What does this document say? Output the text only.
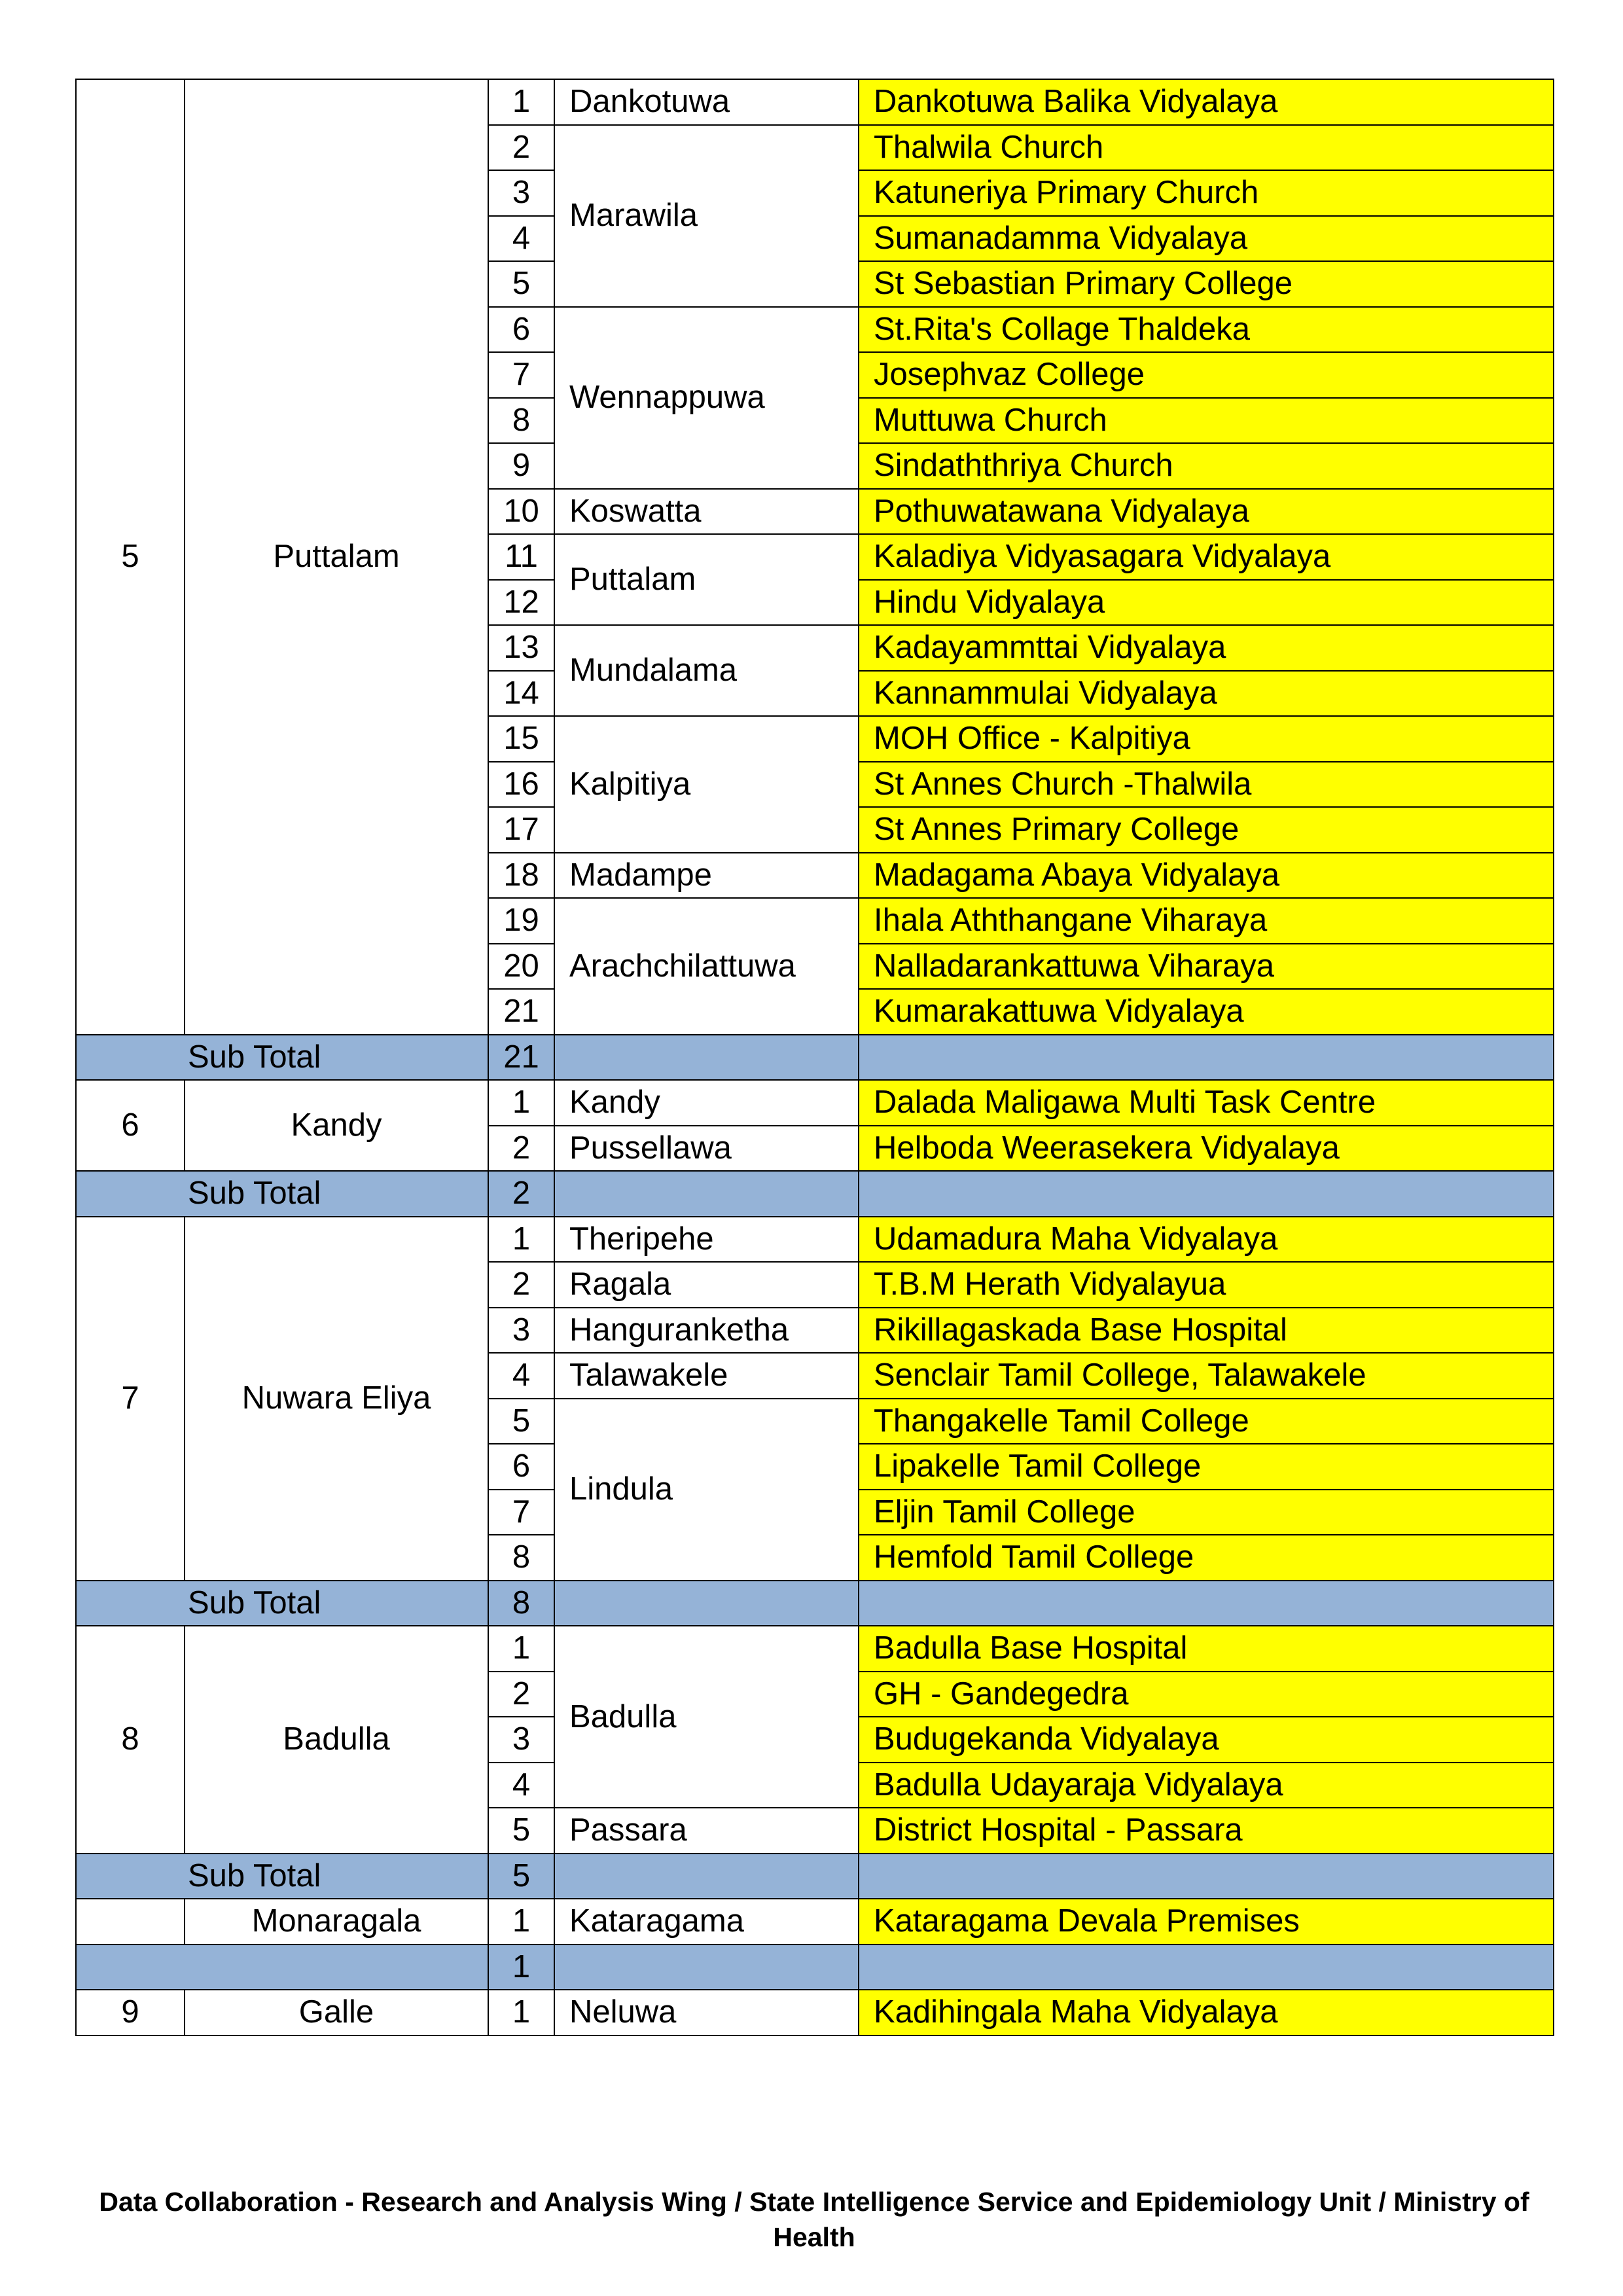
5	Puttalam	1	Dankotuwa	Dankotuwa Balika Vidyalaya
		2	Marawila	Thalwila Church
		3		Katuneriya Primary Church
		4		Sumanadamma Vidyalaya
		5		St Sebastian Primary College
		6	Wennappuwa	St.Rita's Collage Thaldeka
		7		Josephvaz College
		8		Muttuwa Church
		9		Sindaththriya Church
		10	Koswatta	Pothuwatawana Vidyalaya
		11	Puttalam	Kaladiya Vidyasagara Vidyalaya
		12		Hindu Vidyalaya
		13	Mundalama	Kadayammttai Vidyalaya
		14		Kannammulai Vidyalaya
		15	Kalpitiya	MOH Office - Kalpitiya
		16		St Annes Church -Thalwila
		17		St Annes Primary College
		18	Madampe	Madagama Abaya Vidyalaya
		19	Arachchilattuwa	Ihala Aththangane Viharaya
		20		Nalladarankattuwa Viharaya
		21		Kumarakattuwa Vidyalaya
Sub Total		21		
6	Kandy	1	Kandy	Dalada Maligawa Multi Task Centre
		2	Pussellawa	Helboda Weerasekera Vidyalaya
Sub Total		2		
7	Nuwara Eliya	1	Theripehe	Udamadura Maha Vidyalaya
		2	Ragala	T.B.M Herath Vidyalayua
		3	Hanguranketha	Rikillagaskada Base Hospital
		4	Talawakele	Senclair Tamil College, Talawakele
		5	Lindula	Thangakelle Tamil College
		6		Lipakelle Tamil College
		7		Eljin Tamil College
		8		Hemfold Tamil College
Sub Total		8		
8	Badulla	1	Badulla	Badulla Base Hospital
		2		GH - Gandegedra
		3		Budugekanda Vidyalaya
		4		Badulla Udayaraja Vidyalaya
		5	Passara	District Hospital - Passara
Sub Total		5		
	Monaragala	1	Kataragama	Kataragama Devala Premises
		1		
9	Galle	1	Neluwa	Kadihingala Maha Vidyalaya
Data Collaboration - Research and Analysis Wing / State Intelligence Service and Epidemiology Unit / Ministry of Health
